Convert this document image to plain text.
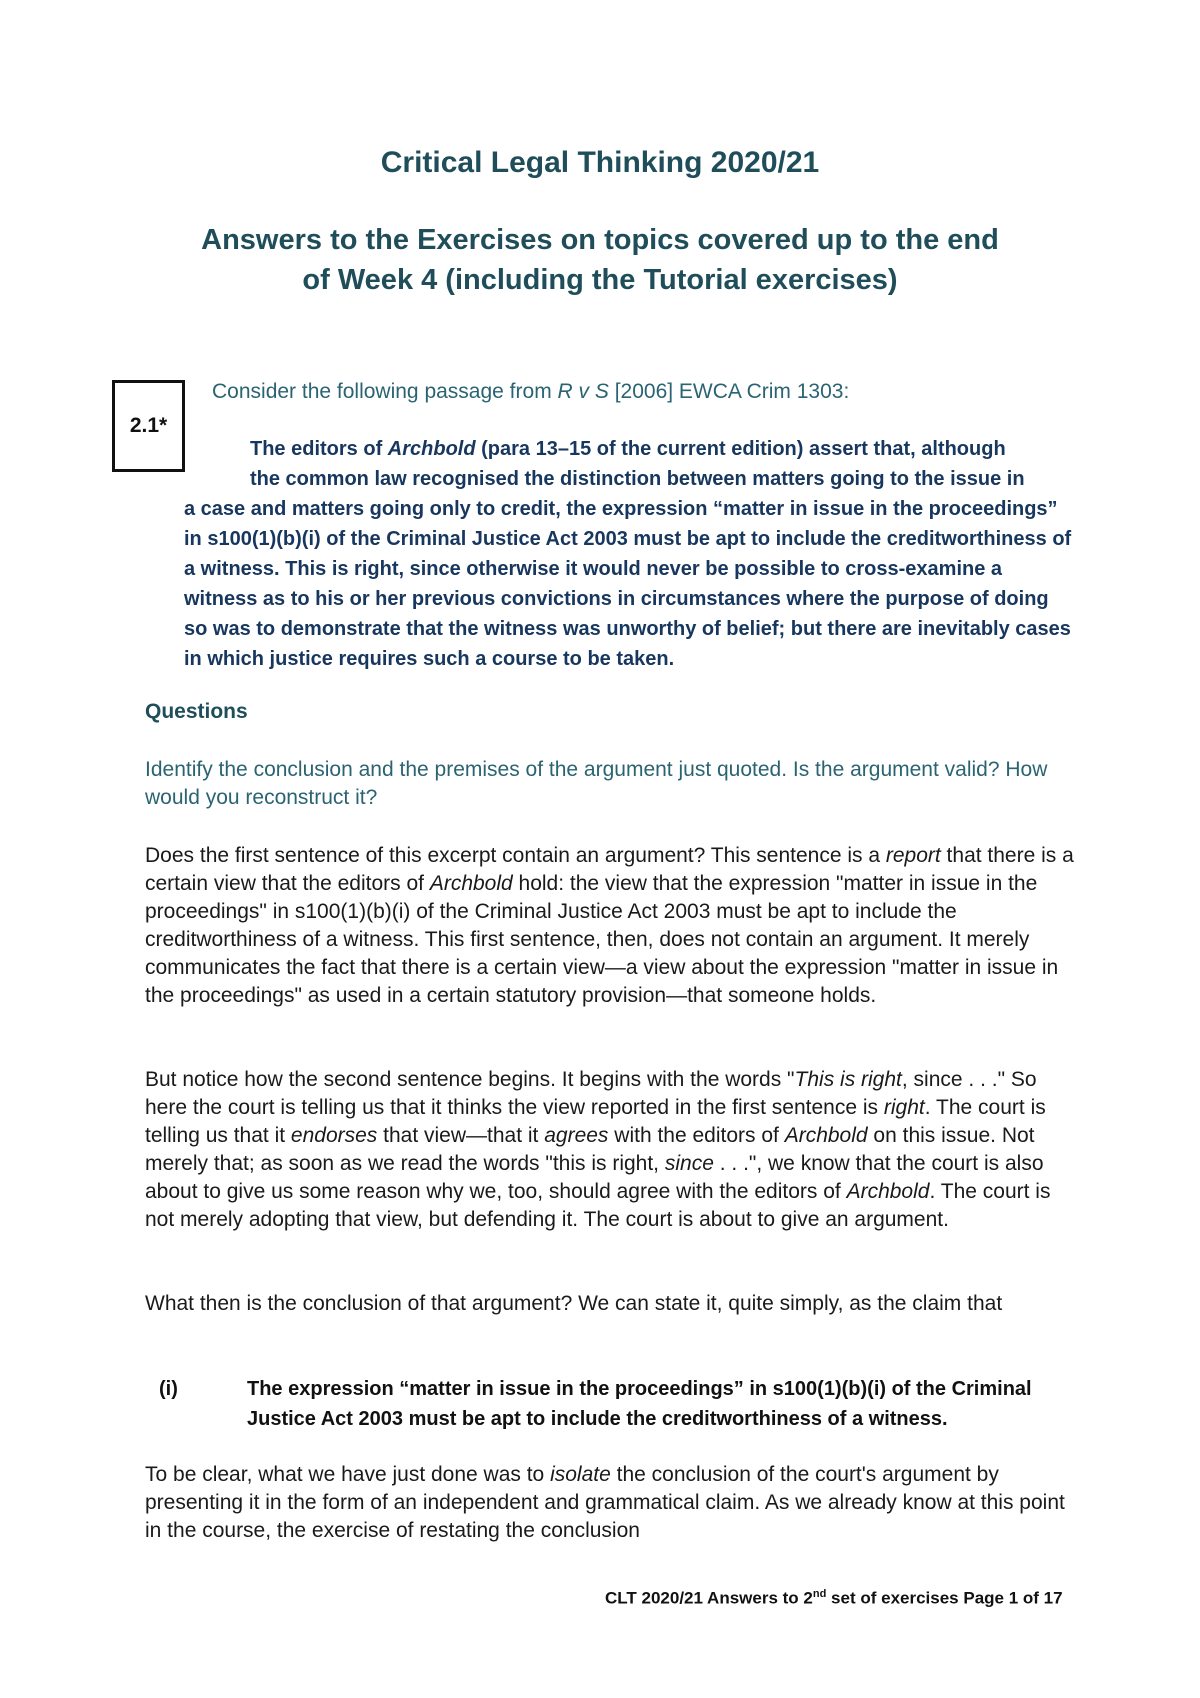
Critical Legal Thinking 2020/21
Answers to the Exercises on topics covered up to the end
of Week 4 (including the Tutorial exercises)
2.1*
Consider the following passage from R v S [2006] EWCA Crim 1303:
The editors of Archbold (para 13–15 of the current edition) assert that, although
the common law recognised the distinction between matters going to the issue in
a case and matters going only to credit, the expression “matter in issue in the proceedings” in s100(1)(b)(i) of the Criminal Justice Act 2003 must be apt to include the creditworthiness of a witness. This is right, since otherwise it would never be possible to cross-examine a witness as to his or her previous convictions in circumstances where the purpose of doing so was to demonstrate that the witness was unworthy of belief; but there are inevitably cases in which justice requires such a course to be taken.
Questions
Identify the conclusion and the premises of the argument just quoted. Is the argument valid? How would you reconstruct it?
Does the first sentence of this excerpt contain an argument? This sentence is a report that there is a certain view that the editors of Archbold hold: the view that the expression "matter in issue in the proceedings" in s100(1)(b)(i) of the Criminal Justice Act 2003 must be apt to include the creditworthiness of a witness. This first sentence, then, does not contain an argument. It merely communicates the fact that there is a certain view—a view about the expression "matter in issue in the proceedings" as used in a certain statutory provision—that someone holds.
But notice how the second sentence begins. It begins with the words "This is right, since . . ." So here the court is telling us that it thinks the view reported in the first sentence is right. The court is telling us that it endorses that view—that it agrees with the editors of Archbold on this issue. Not merely that; as soon as we read the words "this is right, since . . .", we know that the court is also about to give us some reason why we, too, should agree with the editors of Archbold. The court is not merely adopting that view, but defending it. The court is about to give an argument.
What then is the conclusion of that argument? We can state it, quite simply, as the claim that
(i)	The expression “matter in issue in the proceedings” in s100(1)(b)(i) of the Criminal Justice Act 2003 must be apt to include the creditworthiness of a witness.
To be clear, what we have just done was to isolate the conclusion of the court's argument by presenting it in the form of an independent and grammatical claim. As we already know at this point in the course, the exercise of restating the conclusion
CLT 2020/21 Answers to 2nd set of exercises Page 1 of 17
